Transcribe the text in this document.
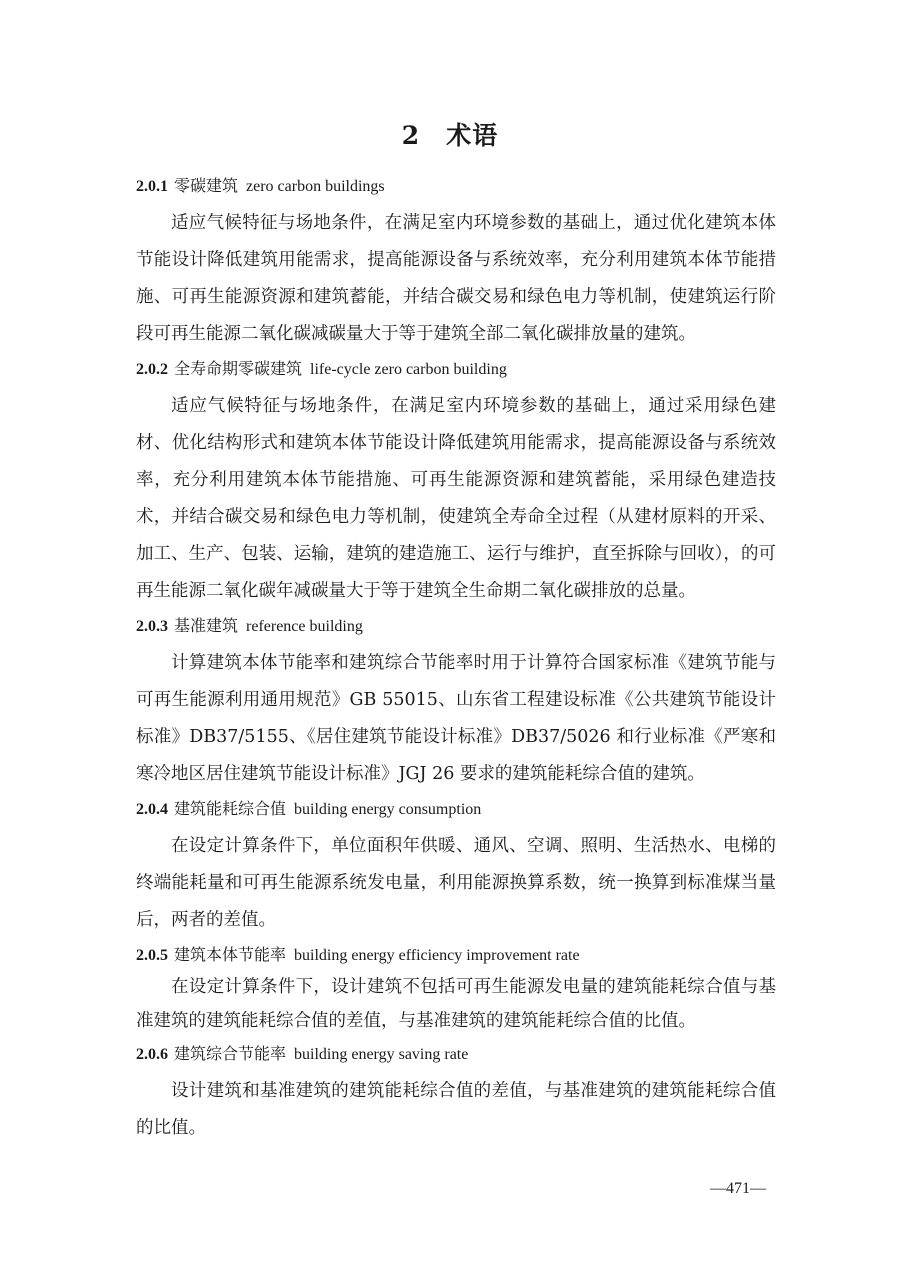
2 术语

2.0.1 零碳建筑 zero carbon buildings

适应气候特征与场地条件，在满足室内环境参数的基础上，通过优化建筑本体节能设计降低建筑用能需求，提高能源设备与系统效率，充分利用建筑本体节能措施、可再生能源资源和建筑蓄能，并结合碳交易和绿色电力等机制，使建筑运行阶段可再生能源二氧化碳减碳量大于等于建筑全部二氧化碳排放量的建筑。

2.0.2 全寿命期零碳建筑 life-cycle zero carbon building

适应气候特征与场地条件，在满足室内环境参数的基础上，通过采用绿色建材、优化结构形式和建筑本体节能设计降低建筑用能需求，提高能源设备与系统效率，充分利用建筑本体节能措施、可再生能源资源和建筑蓄能，采用绿色建造技术，并结合碳交易和绿色电力等机制，使建筑全寿命全过程（从建材原料的开采、加工、生产、包装、运输，建筑的建造施工、运行与维护，直至拆除与回收），的可再生能源二氧化碳年减碳量大于等于建筑全生命期二氧化碳排放的总量。

2.0.3 基准建筑 reference building

计算建筑本体节能率和建筑综合节能率时用于计算符合国家标准《建筑节能与可再生能源利用通用规范》GB 55015、山东省工程建设标准《公共建筑节能设计标准》DB37/5155、《居住建筑节能设计标准》DB37/5026 和行业标准《严寒和寒冷地区居住建筑节能设计标准》JGJ 26 要求的建筑能耗综合值的建筑。

2.0.4 建筑能耗综合值 building energy consumption

在设定计算条件下，单位面积年供暖、通风、空调、照明、生活热水、电梯的终端能耗量和可再生能源系统发电量，利用能源换算系数，统一换算到标准煤当量后，两者的差值。

2.0.5 建筑本体节能率 building energy efficiency improvement rate

在设定计算条件下，设计建筑不包括可再生能源发电量的建筑能耗综合值与基准建筑的建筑能耗综合值的差值，与基准建筑的建筑能耗综合值的比值。

2.0.6 建筑综合节能率 building energy saving rate

设计建筑和基准建筑的建筑能耗综合值的差值，与基准建筑的建筑能耗综合值的比值。

—471—
